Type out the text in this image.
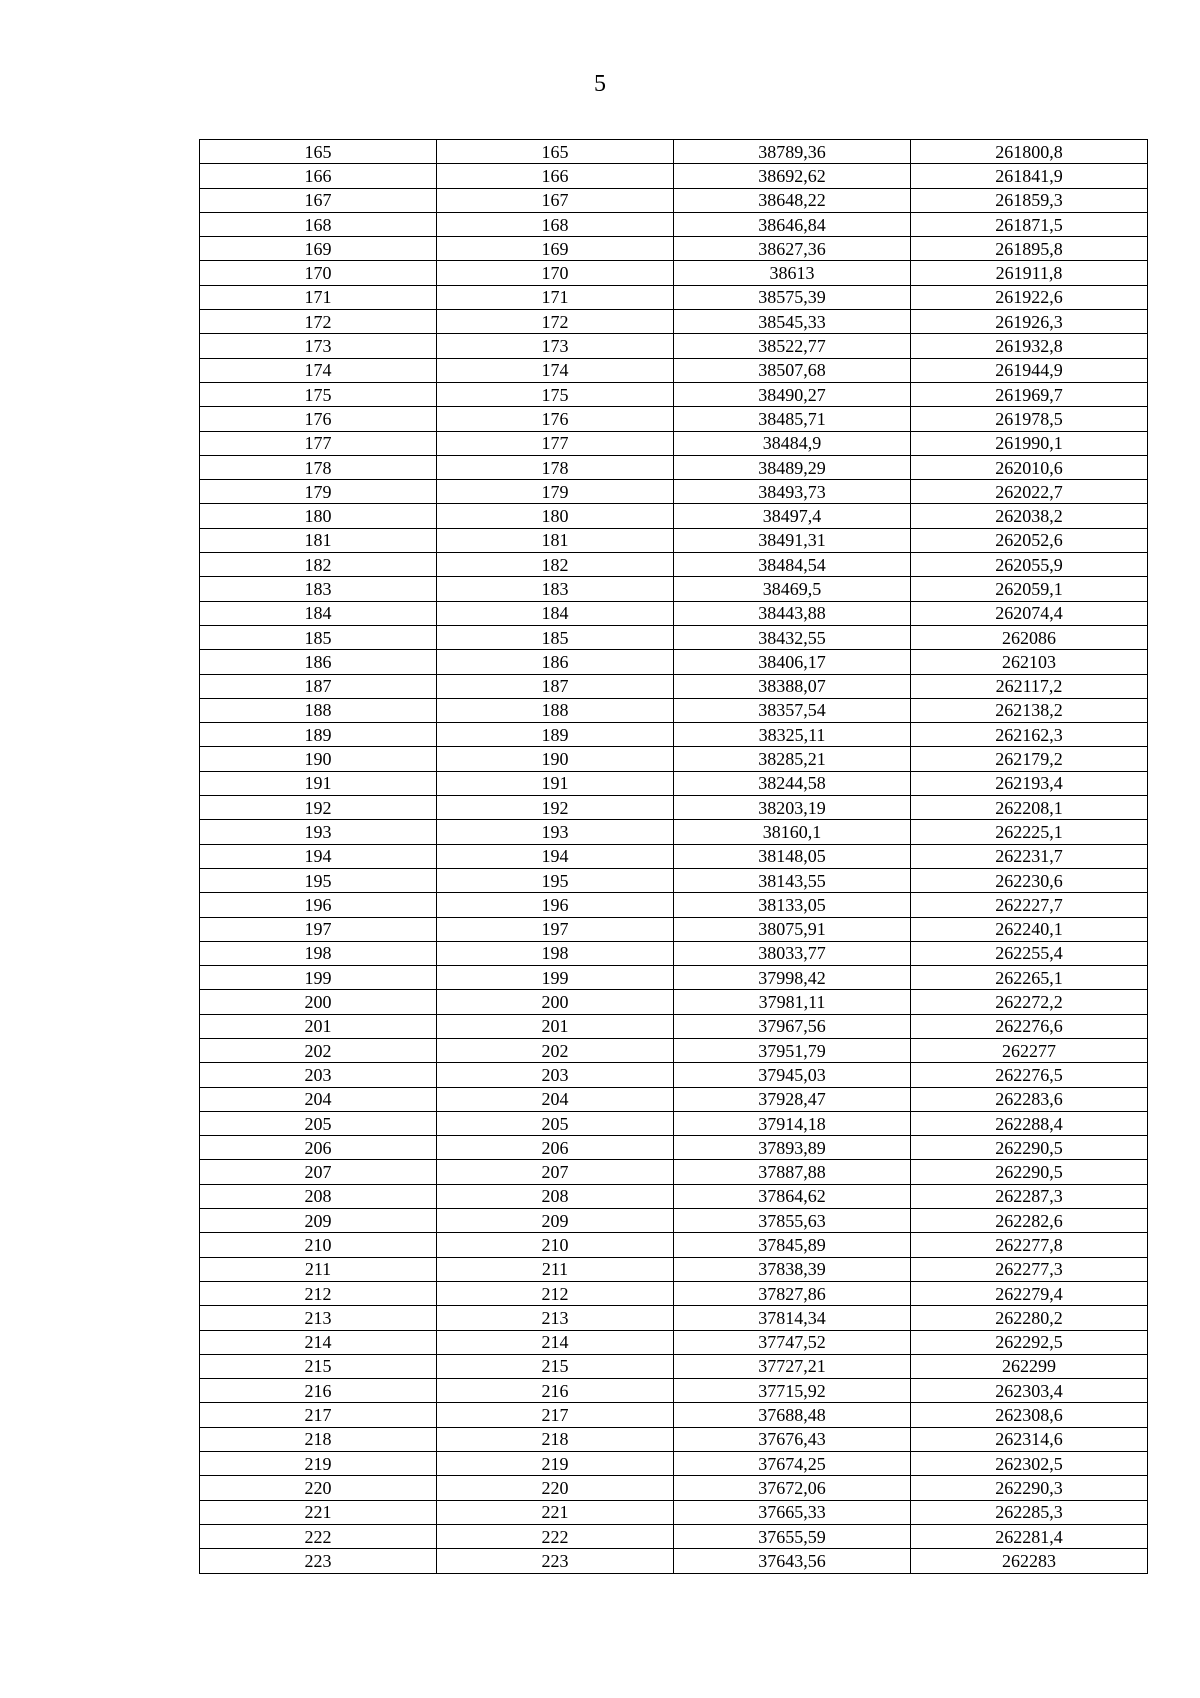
5
165	165	38789,36	261800,8
166	166	38692,62	261841,9
167	167	38648,22	261859,3
168	168	38646,84	261871,5
169	169	38627,36	261895,8
170	170	38613	261911,8
171	171	38575,39	261922,6
172	172	38545,33	261926,3
173	173	38522,77	261932,8
174	174	38507,68	261944,9
175	175	38490,27	261969,7
176	176	38485,71	261978,5
177	177	38484,9	261990,1
178	178	38489,29	262010,6
179	179	38493,73	262022,7
180	180	38497,4	262038,2
181	181	38491,31	262052,6
182	182	38484,54	262055,9
183	183	38469,5	262059,1
184	184	38443,88	262074,4
185	185	38432,55	262086
186	186	38406,17	262103
187	187	38388,07	262117,2
188	188	38357,54	262138,2
189	189	38325,11	262162,3
190	190	38285,21	262179,2
191	191	38244,58	262193,4
192	192	38203,19	262208,1
193	193	38160,1	262225,1
194	194	38148,05	262231,7
195	195	38143,55	262230,6
196	196	38133,05	262227,7
197	197	38075,91	262240,1
198	198	38033,77	262255,4
199	199	37998,42	262265,1
200	200	37981,11	262272,2
201	201	37967,56	262276,6
202	202	37951,79	262277
203	203	37945,03	262276,5
204	204	37928,47	262283,6
205	205	37914,18	262288,4
206	206	37893,89	262290,5
207	207	37887,88	262290,5
208	208	37864,62	262287,3
209	209	37855,63	262282,6
210	210	37845,89	262277,8
211	211	37838,39	262277,3
212	212	37827,86	262279,4
213	213	37814,34	262280,2
214	214	37747,52	262292,5
215	215	37727,21	262299
216	216	37715,92	262303,4
217	217	37688,48	262308,6
218	218	37676,43	262314,6
219	219	37674,25	262302,5
220	220	37672,06	262290,3
221	221	37665,33	262285,3
222	222	37655,59	262281,4
223	223	37643,56	262283
